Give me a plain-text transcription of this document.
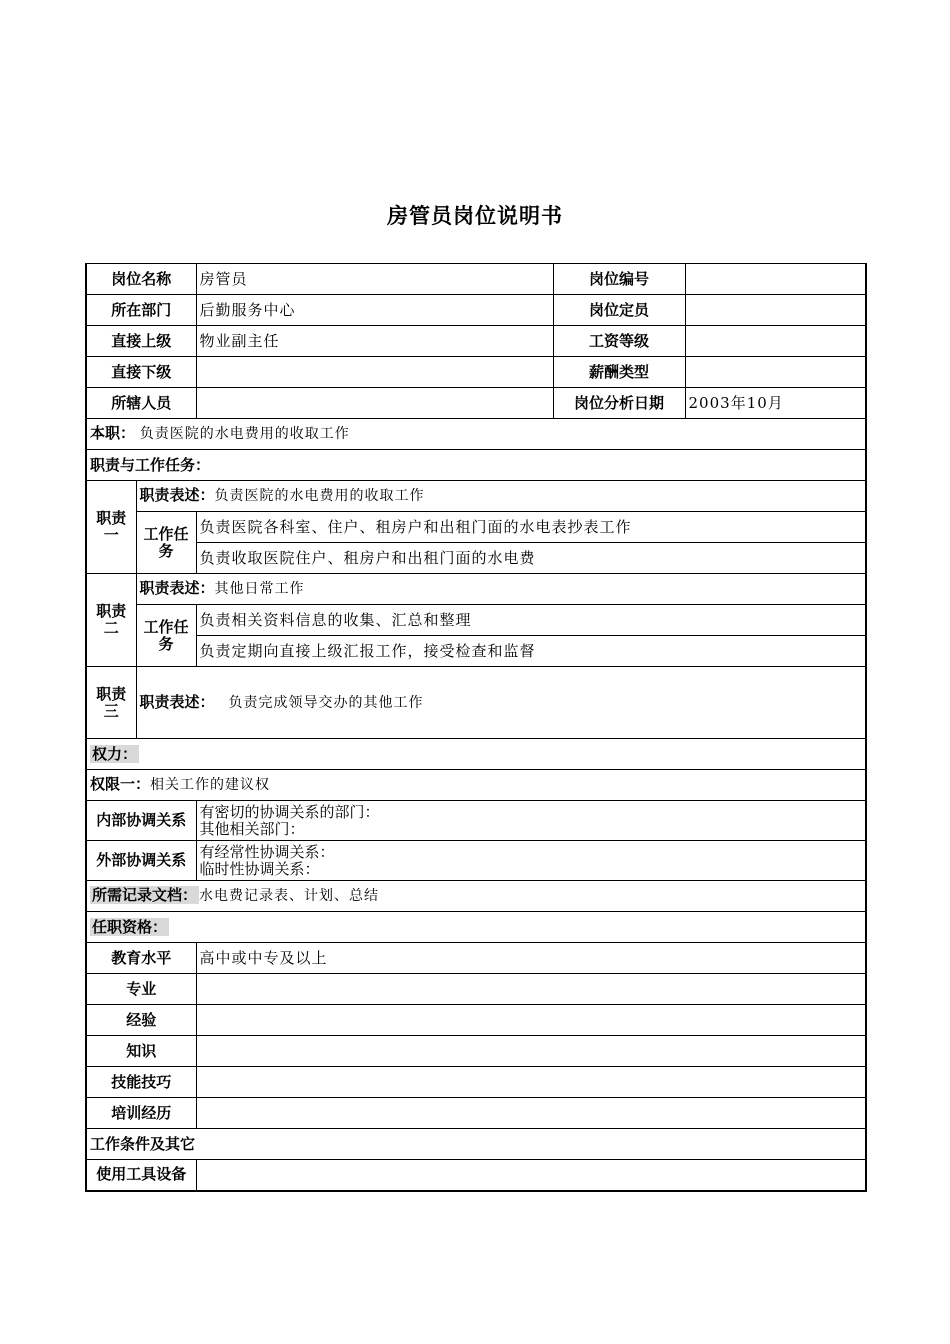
房管员岗位说明书
岗位名称		房管员	岗位编号	
所在部门		后勤服务中心	岗位定员	
直接上级		物业副主任	工资等级	
直接下级			薪酬类型	
所辖人员			岗位分析日期	2003年10月
本职： 负责医院的水电费用的收取工作				
职责与工作任务：				
职责一	职责表述：负责医院的水电费用的收取工作			
	工作任务	负责医院各科室、住户、租房户和出租门面的水电表抄表工作		
		负责收取医院住户、租房户和出租门面的水电费		
职责二	职责表述：其他日常工作			
	工作任务	负责相关资料信息的收集、汇总和整理		
		负责定期向直接上级汇报工作，接受检查和监督		
职责三	职责表述： 负责完成领导交办的其他工作			
权力：				
权限一：相关工作的建议权				
内部协调关系		有密切的协调关系的部门：
其他相关部门：		

外部协调关系		有经常性协调关系：
临时性协调关系：		

所需记录文档： 水电费记录表、计划、总结				
任职资格：				
教育水平		高中或中专及以上		
专业				
经验				
知识				
技能技巧				
培训经历				
工作条件及其它				
使用工具设备				
